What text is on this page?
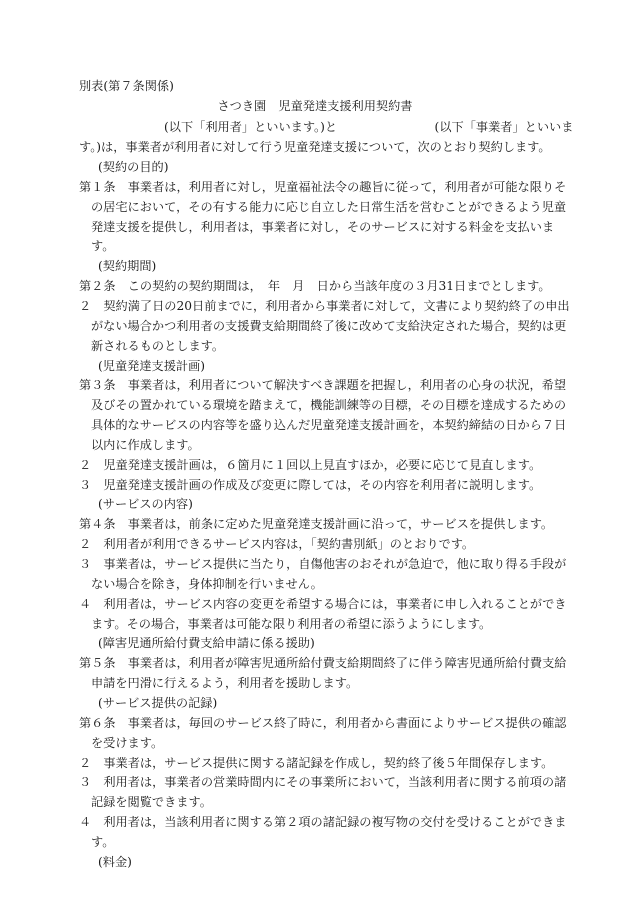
別表(第７条関係)
さつき園　児童発達支援利用契約書
(以下「利用者」といいます。)と　　　　　　　　(以下「事業者」といいま
す。)は，事業者が利用者に対して行う児童発達支援について，次のとおり契約します。
(契約の目的)
第１条　事業者は，利用者に対し，児童福祉法令の趣旨に従って，利用者が可能な限りそ
の居宅において，その有する能力に応じ自立した日常生活を営むことができるよう児童
発達支援を提供し，利用者は，事業者に対し，そのサービスに対する料金を支払いま
す。
(契約期間)
第２条　この契約の契約期間は，　年　月　日から当該年度の３月31日までとします。
２　契約満了日の20日前までに，利用者から事業者に対して，文書により契約終了の申出
がない場合かつ利用者の支援費支給期間終了後に改めて支給決定された場合，契約は更
新されるものとします。
(児童発達支援計画)
第３条　事業者は，利用者について解決すべき課題を把握し，利用者の心身の状況，希望
及びその置かれている環境を踏まえて，機能訓練等の目標，その目標を達成するための
具体的なサービスの内容等を盛り込んだ児童発達支援計画を，本契約締結の日から７日
以内に作成します。
２　児童発達支援計画は，６箇月に１回以上見直すほか，必要に応じて見直します。
３　児童発達支援計画の作成及び変更に際しては，その内容を利用者に説明します。
(サービスの内容)
第４条　事業者は，前条に定めた児童発達支援計画に沿って，サービスを提供します。
２　利用者が利用できるサービス内容は，「契約書別紙」のとおりです。
３　事業者は，サービス提供に当たり，自傷他害のおそれが急迫で，他に取り得る手段が
ない場合を除き，身体抑制を行いません。
４　利用者は，サービス内容の変更を希望する場合には，事業者に申し入れることができ
ます。その場合，事業者は可能な限り利用者の希望に添うようにします。
(障害児通所給付費支給申請に係る援助)
第５条　事業者は，利用者が障害児通所給付費支給期間終了に伴う障害児通所給付費支給
申請を円滑に行えるよう，利用者を援助します。
(サービス提供の記録)
第６条　事業者は，毎回のサービス終了時に，利用者から書面によりサービス提供の確認
を受けます。
２　事業者は，サービス提供に関する諸記録を作成し，契約終了後５年間保存します。
３　利用者は，事業者の営業時間内にその事業所において，当該利用者に関する前項の諸
記録を閲覧できます。
４　利用者は，当該利用者に関する第２項の諸記録の複写物の交付を受けることができま
す。
(料金)
